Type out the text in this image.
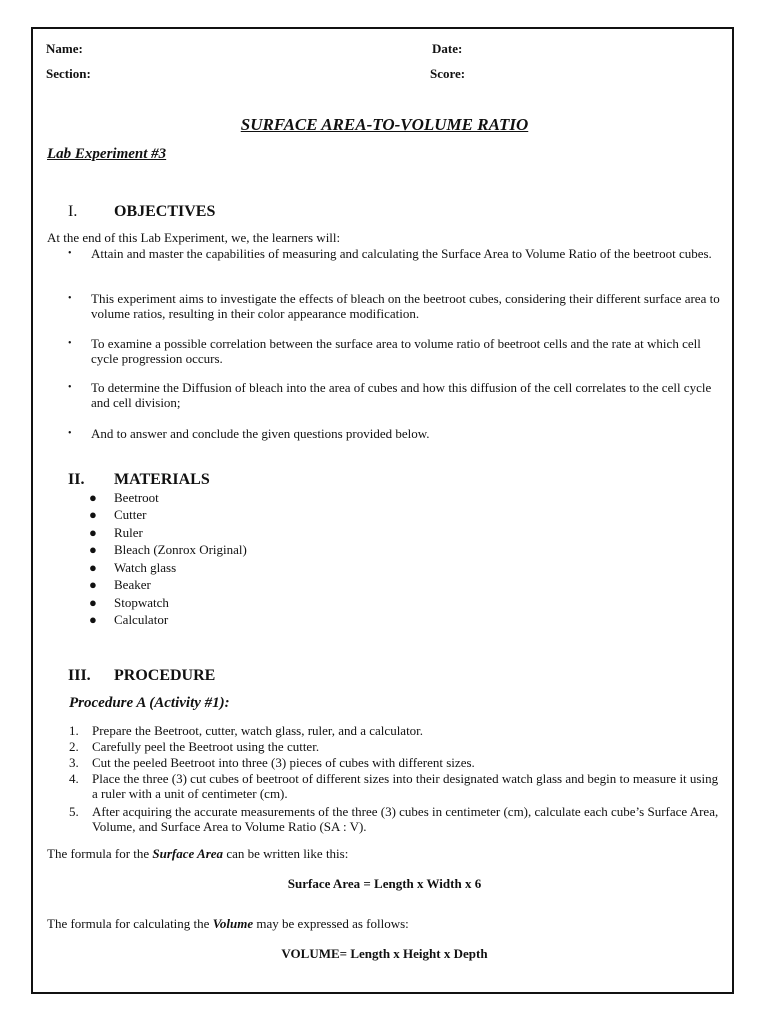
Name:	Date:
Section:	Score:
SURFACE AREA-TO-VOLUME RATIO
Lab Experiment #3
I. OBJECTIVES
At the end of this Lab Experiment, we, the learners will:
• Attain and master the capabilities of measuring and calculating the Surface Area to Volume Ratio of the beetroot cubes.
• This experiment aims to investigate the effects of bleach on the beetroot cubes, considering their different surface area to volume ratios, resulting in their color appearance modification.
• To examine a possible correlation between the surface area to volume ratio of beetroot cells and the rate at which cell cycle progression occurs.
• To determine the Diffusion of bleach into the area of cubes and how this diffusion of the cell correlates to the cell cycle and cell division;
• And to answer and conclude the given questions provided below.
II. MATERIALS
● Beetroot
● Cutter
● Ruler
● Bleach (Zonrox Original)
● Watch glass
● Beaker
● Stopwatch
● Calculator
III. PROCEDURE
Procedure A (Activity #1):
1. Prepare the Beetroot, cutter, watch glass, ruler, and a calculator.
2. Carefully peel the Beetroot using the cutter.
3. Cut the peeled Beetroot into three (3) pieces of cubes with different sizes.
4. Place the three (3) cut cubes of beetroot of different sizes into their designated watch glass and begin to measure it using a ruler with a unit of centimeter (cm).
5. After acquiring the accurate measurements of the three (3) cubes in centimeter (cm), calculate each cube’s Surface Area, Volume, and Surface Area to Volume Ratio (SA : V).
The formula for the Surface Area can be written like this:
Surface Area = Length x Width x 6
The formula for calculating the Volume may be expressed as follows:
VOLUME= Length x Height x Depth
